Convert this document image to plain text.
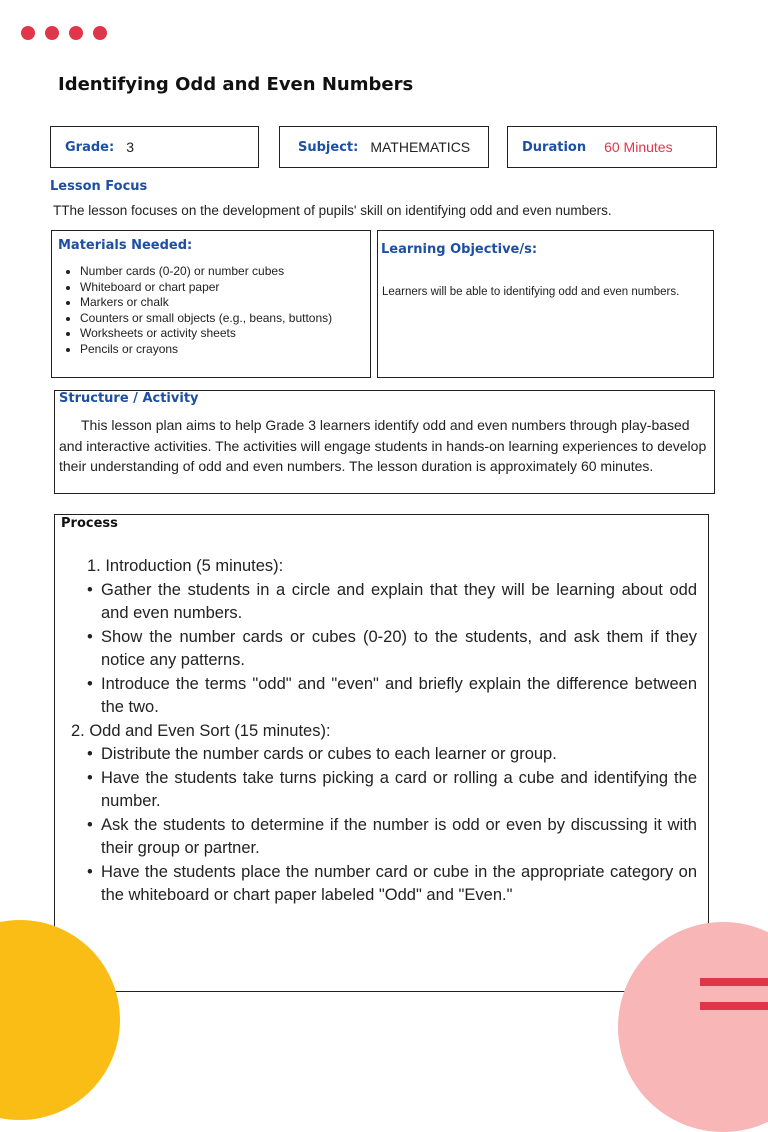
Identifying Odd and Even Numbers
Grade: 3	Subject: MATHEMATICS	Duration 60 Minutes
Lesson Focus
TThe lesson focuses on the development of pupils' skill on identifying odd and even numbers.
Materials Needed:
• Number cards (0-20) or number cubes
• Whiteboard or chart paper
• Markers or chalk
• Counters or small objects (e.g., beans, buttons)
• Worksheets or activity sheets
• Pencils or crayons
Learning Objective/s:

Learners will be able to identifying odd and even numbers.

Structure / Activity

This lesson plan aims to help Grade 3 learners identify odd and even numbers through play-based and interactive activities. The activities will engage students in hands-on learning experiences to develop their understanding of odd and even numbers. The lesson duration is approximately 60 minutes.

Process

1. Introduction (5 minutes):

• Gather the students in a circle and explain that they will be learning about odd and even numbers.
• Show the number cards or cubes (0-20) to the students, and ask them if they notice any patterns.
• Introduce the terms "odd" and "even" and briefly explain the difference between the two.

2. Odd and Even Sort (15 minutes):

• Distribute the number cards or cubes to each learner or group.
• Have the students take turns picking a card or rolling a cube and identifying the number.
• Ask the students to determine if the number is odd or even by discussing it with their group or partner.
• Have the students place the number card or cube in the appropriate category on the whiteboard or chart paper labeled "Odd" and "Even."
